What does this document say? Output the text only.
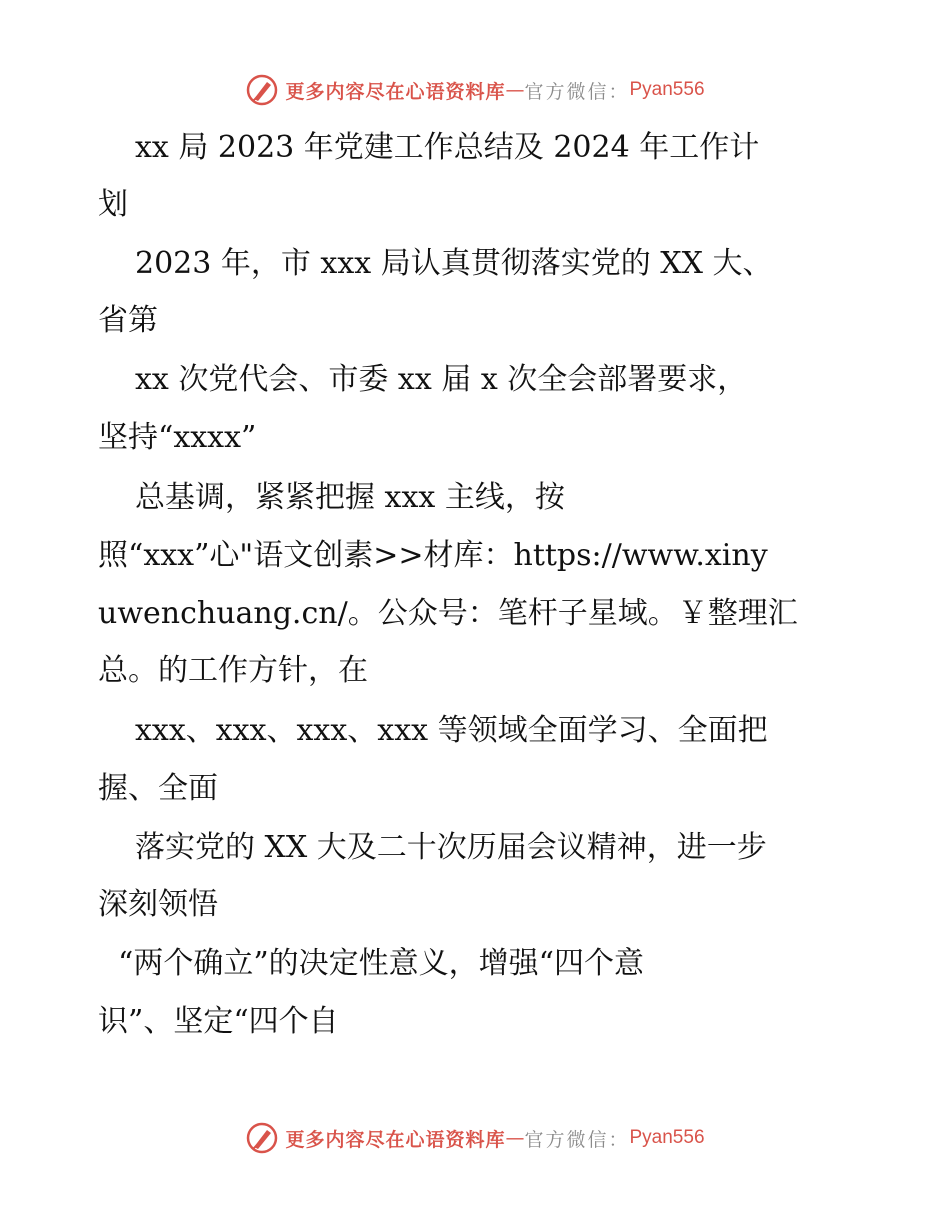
更多内容尽在心语资料库 — 官方微信： Pyan556
xx 局 2023 年党建工作总结及 2024 年工作计
划
2023 年，市 xxx 局认真贯彻落实党的 XX 大、
省第
xx 次党代会、市委 xx 届 x 次全会部署要求，
坚持“xxxx”
总基调，紧紧把握 xxx 主线，按
照“xxx”心"语文创素>>材库：https://www.xiny
uwenchuang.cn/。公众号：笔杆子星域。￥整理汇
总。的工作方针，在
xxx、xxx、xxx、xxx 等领域全面学习、全面把
握、全面
落实党的 XX 大及二十次历届会议精神，进一步
深刻领悟
“两个确立”的决定性意义，增强“四个意
识”、坚定“四个自
更多内容尽在心语资料库 — 官方微信： Pyan556
